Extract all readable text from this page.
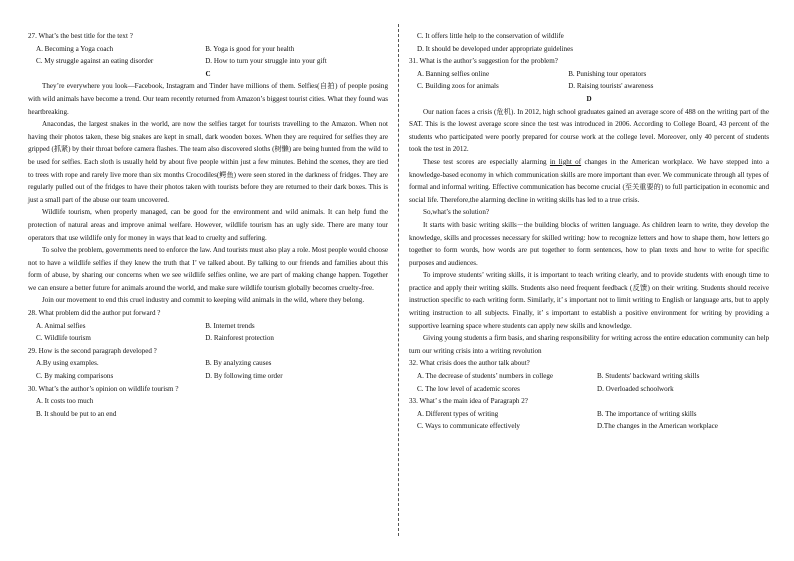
27. What’s the best title for the text ?

A. Becoming a Yoga coach	B. Yoga is good for your health
C. My struggle against an eating disorder	D. How to turn your struggle into your gift

C

They’re everywhere you look—Facebook, Instagram and Tinder have millions of them. Selfies(自拍) of people posing with wild animals have become a trend. Our team recently returned from Amazon’s biggest tourist cities. What they found was heartbreaking.

Anacondas, the largest snakes in the world, are now the selfies target for tourists travelling to the Amazon. When not having their photos taken, these big snakes are kept in small, dark wooden boxes. When they are required for selfies they are gripped (抓紧) by their throat before camera flashes. The team also discovered sloths (树懒) are being hunted from the wild to be used for selfies. Each sloth is usually held by about five people within just a few minutes. Behind the scenes, they are tied to trees with rope and rarely live more than six months Crocodiles(鳄鱼) were seen stored in the darkness of fridges. They are regularly pulled out of the fridges to have their photos taken with tourists before they are returned to their dark boxes. This is just a small part of the abuse our team uncovered.

Wildlife tourism, when properly managed, can be good for the environment and wild animals. It can help fund the protection of natural areas and improve animal welfare. However, wildlife tourism has an ugly side. There are many tour operators that use wildlife only for money in ways that lead to cruelty and suffering.

To solve the problem, governments need to enforce the law. And tourists must also play a role. Most people would choose not to have a wildlife selfies if they knew the truth that I’ ve talked about. By talking to our friends and families about this form of abuse, by sharing our concerns when we see wildlife selfies online, we are part of making change happen. Together we can ensure a better future for animals around the world, and make sure wildlife tourism globally becomes cruelty-free.

Join our movement to end this cruel industry and commit to keeping wild animals in the wild, where they belong.

28. What problem did the author put forward ?

A. Animal selfies	B. Internet trends
C. Wildlife tourism	D. Rainforest protection

29. How is the second paragraph developed ?

A.By using examples.	B. By analyzing causes
C. By making comparisons	D. By following time order

30. What’s the author’s opinion on wildlife tourism ?

A. It costs too much
B. It should be put to an end
C. It offers little help to the conservation of wildlife
D. It should be developed under appropriate guidelines

31. What is the author’s suggestion for the problem?

A. Banning selfies online	B. Punishing tour operators
C. Building zoos for animals	D. Raising tourists' awareness

D

Our nation faces a crisis (危机). In 2012, high school graduates gained an average score of 488 on the writing part of the SAT. This is the lowest average score since the test was introduced in 2006. According to College Board, 43 percent of the students who participated were poorly prepared for course work at the college level. Moreover, only 40 percent of students took the test in 2012.

These test scores are especially alarming in light of changes in the American workplace. We have stepped into a knowledge-based economy in which communication skills are more important than ever. We communicate through all types of formal and informal writing. Effective communication has become crucial (至关重要的) to full participation in economic and social life. Therefore,the alarming decline in writing skills has led to a true crisis.

So,what’s the solution?

It starts with basic writing skills－the building blocks of written language. As children learn to write, they develop the knowledge, skills and processes necessary for skilled writing: how to recognize letters and how to shape them, how letters go together to form words, how words are put together to form sentences, how to plan texts and how to write for specific purposes and audiences.

To improve students’ writing skills, it is important to teach writing clearly, and to provide students with enough time to practice and apply their writing skills. Students also need frequent feedback (反馈) on their writing. Students should receive instruction specific to each writing form. Similarly, it’ s important not to limit writing to English or language arts, but to apply writing instruction to all subjects. Finally, it’ s important to establish a positive environment for writing by providing a supportive learning space where students can apply new skills and knowledge.

Giving young students a firm basis, and sharing responsibility for writing across the entire education community can help turn our writing crisis into a writing revolution

32. What crisis does the author talk about?

A. The decrease of students’ numbers in college	B. Students' backward writing skills
C. The low level of academic scores	D. Overloaded schoolwork

33. What’ s the main idea of Paragraph 2?

A. Different types of writing	B. The importance of writing skills
C. Ways to communicate effectively	D.The changes in the American workplace
